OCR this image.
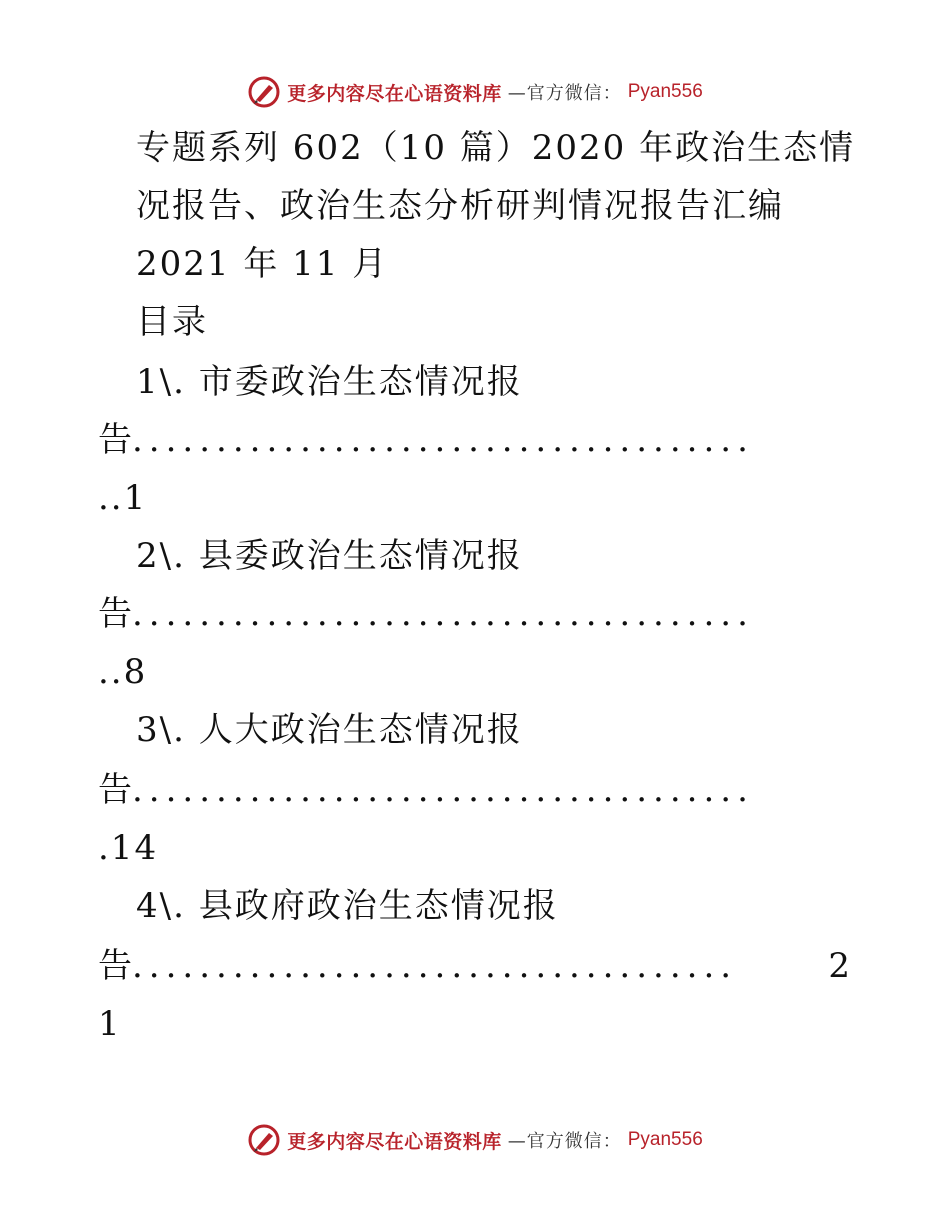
更多内容尽在心语资料库 —官方微信： Pyan556
专题系列 602（10 篇）2020 年政治生态情
况报告、政治生态分析研判情况报告汇编
2021 年 11 月
目录
1\. 市委政治生态情况报
告 .....................................
..1
2\. 县委政治生态情况报
告 .....................................
..8
3\. 人大政治生态情况报
告 .....................................
.14
4\. 县政府政治生态情况报
告 ....................................	2
1
更多内容尽在心语资料库 —官方微信： Pyan556
